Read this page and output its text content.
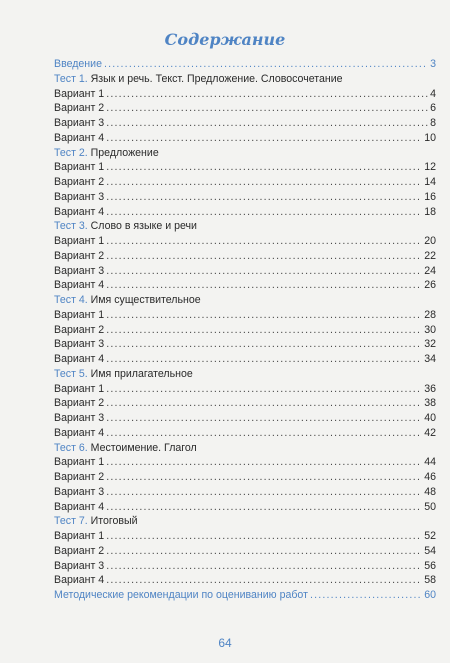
Содержание
Введение .....	3
Тест 1. Язык и речь. Текст. Предложение. Словосочетание
Вариант 1 .....	4
Вариант 2 .....	6
Вариант 3 .....	8
Вариант 4 .....	10
Тест 2. Предложение
Вариант 1 .....	12
Вариант 2 .....	14
Вариант 3 .....	16
Вариант 4 .....	18
Тест 3. Слово в языке и речи
Вариант 1 .....	20
Вариант 2 .....	22
Вариант 3 .....	24
Вариант 4 .....	26
Тест 4. Имя существительное
Вариант 1 .....	28
Вариант 2 .....	30
Вариант 3 .....	32
Вариант 4 .....	34
Тест 5. Имя прилагательное
Вариант 1 .....	36
Вариант 2 .....	38
Вариант 3 .....	40
Вариант 4 .....	42
Тест 6. Местоимение. Глагол
Вариант 1 .....	44
Вариант 2 .....	46
Вариант 3 .....	48
Вариант 4 .....	50
Тест 7. Итоговый
Вариант 1 .....	52
Вариант 2 .....	54
Вариант 3 .....	56
Вариант 4 .....	58
Методические рекомендации по оцениванию работ .....	60
64
